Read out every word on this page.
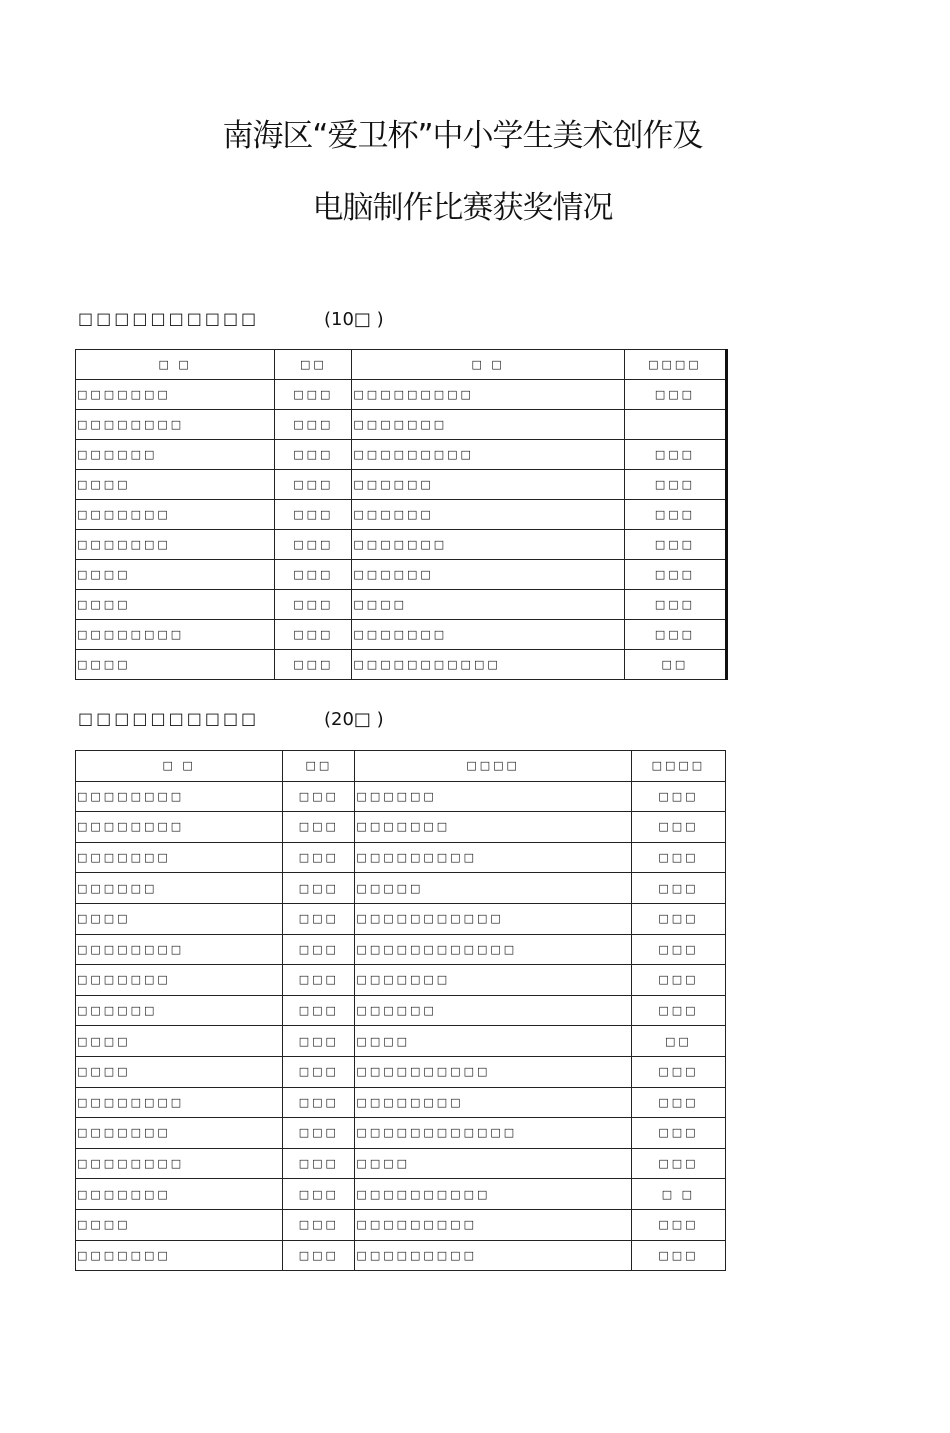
南海区“爱卫杯”中小学生美术创作及
电脑制作比赛获奖情况
□□□□□□□□□□	(10□ )
□ □	□□	□ □	□□□□
□□□□□□□	□□□	□□□□□□□□□	□□□
□□□□□□□□	□□□	□□□□□□□	
□□□□□□	□□□	□□□□□□□□□	□□□
□□□□	□□□	□□□□□□	□□□
□□□□□□□	□□□	□□□□□□	□□□
□□□□□□□	□□□	□□□□□□□	□□□
□□□□	□□□	□□□□□□	□□□
□□□□	□□□	□□□□	□□□
□□□□□□□□	□□□	□□□□□□□	□□□
□□□□	□□□	□□□□□□□□□□□	□□
□□□□□□□□□□	(20□ )
□ □	□□	□□□□	□□□□
□□□□□□□□	□□□	□□□□□□	□□□
□□□□□□□□	□□□	□□□□□□□	□□□
□□□□□□□	□□□	□□□□□□□□□	□□□
□□□□□□	□□□	□□□□□	□□□
□□□□	□□□	□□□□□□□□□□□	□□□
□□□□□□□□	□□□	□□□□□□□□□□□□	□□□
□□□□□□□	□□□	□□□□□□□	□□□
□□□□□□	□□□	□□□□□□	□□□
□□□□	□□□	□□□□	□□
□□□□	□□□	□□□□□□□□□□	□□□
□□□□□□□□	□□□	□□□□□□□□	□□□
□□□□□□□	□□□	□□□□□□□□□□□□	□□□
□□□□□□□□	□□□	□□□□	□□□
□□□□□□□	□□□	□□□□□□□□□□	□ □
□□□□	□□□	□□□□□□□□□	□□□
□□□□□□□	□□□	□□□□□□□□□	□□□
